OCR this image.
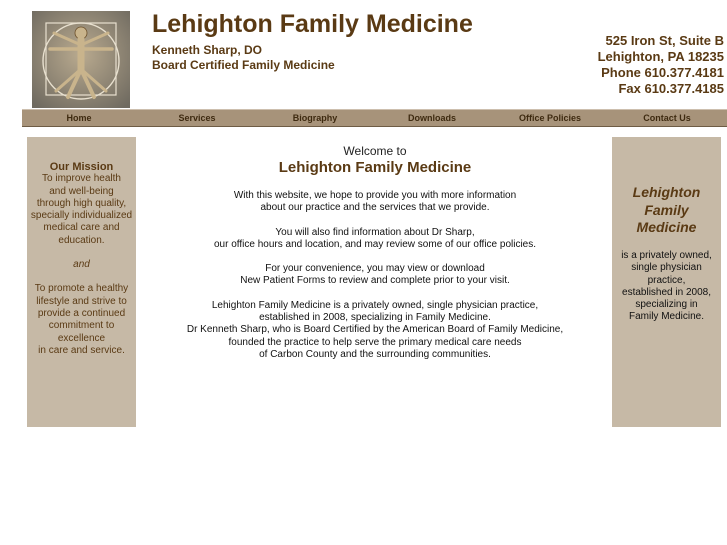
Lehighton Family Medicine
Kenneth Sharp, DO
Board Certified Family Medicine
525 Iron St, Suite B
Lehighton, PA 18235
Phone 610.377.4181
Fax 610.377.4185
Home	Services	Biography	Downloads	Office Policies	Contact Us
Our Mission
To improve health
and well-being
through high quality,
specially individualized
medical care and
education.
and
To promote a healthy
lifestyle and strive to
provide a continued
commitment to
excellence
in care and service.
Welcome to
Lehighton Family Medicine
With this website, we hope to provide you with more information
about our practice and the services that we provide.
You will also find information about Dr Sharp,
our office hours and location, and may review some of our office policies.
For your convenience, you may view or download
New Patient Forms to review and complete prior to your visit.
Lehighton Family Medicine is a privately owned, single physician practice,
established in 2008, specializing in Family Medicine.
Dr Kenneth Sharp, who is Board Certified by the American Board of Family Medicine,
founded the practice to help serve the primary medical care needs
of Carbon County and the surrounding communities.
Lehighton
Family
Medicine
is a privately owned,
single physician
practice,
established in 2008,
specializing in
Family Medicine.
